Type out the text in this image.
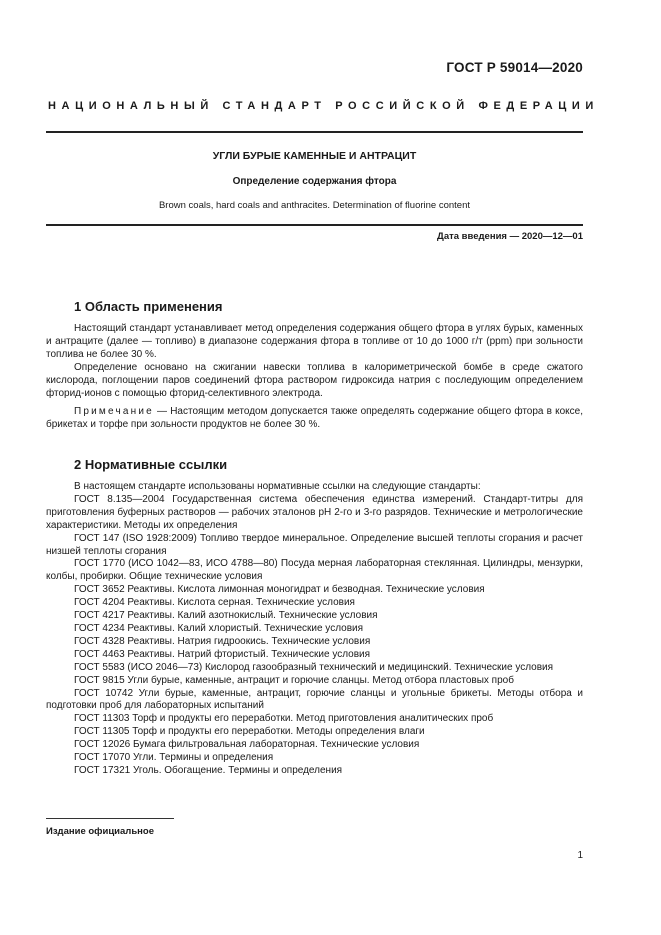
ГОСТ Р 59014—2020
НАЦИОНАЛЬНЫЙ СТАНДАРТ РОССИЙСКОЙ ФЕДЕРАЦИИ
УГЛИ БУРЫЕ КАМЕННЫЕ И АНТРАЦИТ
Определение содержания фтора
Brown coals, hard coals and anthracites. Determination of fluorine content
Дата введения — 2020—12—01
1 Область применения

Настоящий стандарт устанавливает метод определения содержания общего фтора в углях бурых, каменных и антраците (далее — топливо) в диапазоне содержания фтора в топливе от 10 до 1000 г/т (ppm) при зольности топлива не более 30 %.

Определение основано на сжигании навески топлива в калориметрической бомбе в среде сжатого кислорода, поглощении паров соединений фтора раствором гидроксида натрия с последующим определением фторид-ионов с помощью фторид-селективного электрода.

Примечание — Настоящим методом допускается также определять содержание общего фтора в коксе, брикетах и торфе при зольности продуктов не более 30 %.

2 Нормативные ссылки

В настоящем стандарте использованы нормативные ссылки на следующие стандарты:

ГОСТ 8.135—2004 Государственная система обеспечения единства измерений. Стандарт-титры для приготовления буферных растворов — рабочих эталонов pH 2-го и 3-го разрядов. Технические и метрологические характеристики. Методы их определения
ГОСТ 147 (ISO 1928:2009) Топливо твердое минеральное. Определение высшей теплоты сгорания и расчет низшей теплоты сгорания
ГОСТ 1770 (ИСО 1042—83, ИСО 4788—80) Посуда мерная лабораторная стеклянная. Цилиндры, мензурки, колбы, пробирки. Общие технические условия
ГОСТ 3652 Реактивы. Кислота лимонная моногидрат и безводная. Технические условия
ГОСТ 4204 Реактивы. Кислота серная. Технические условия
ГОСТ 4217 Реактивы. Калий азотнокислый. Технические условия
ГОСТ 4234 Реактивы. Калий хлористый. Технические условия
ГОСТ 4328 Реактивы. Натрия гидроокись. Технические условия
ГОСТ 4463 Реактивы. Натрий фтористый. Технические условия
ГОСТ 5583 (ИСО 2046—73) Кислород газообразный технический и медицинский. Технические условия
ГОСТ 9815 Угли бурые, каменные, антрацит и горючие сланцы. Метод отбора пластовых проб
ГОСТ 10742 Угли бурые, каменные, антрацит, горючие сланцы и угольные брикеты. Методы отбора и подготовки проб для лабораторных испытаний
ГОСТ 11303 Торф и продукты его переработки. Метод приготовления аналитических проб
ГОСТ 11305 Торф и продукты его переработки. Методы определения влаги
ГОСТ 12026 Бумага фильтровальная лабораторная. Технические условия
ГОСТ 17070 Угли. Термины и определения
ГОСТ 17321 Уголь. Обогащение. Термины и определения
Издание официальное
1
